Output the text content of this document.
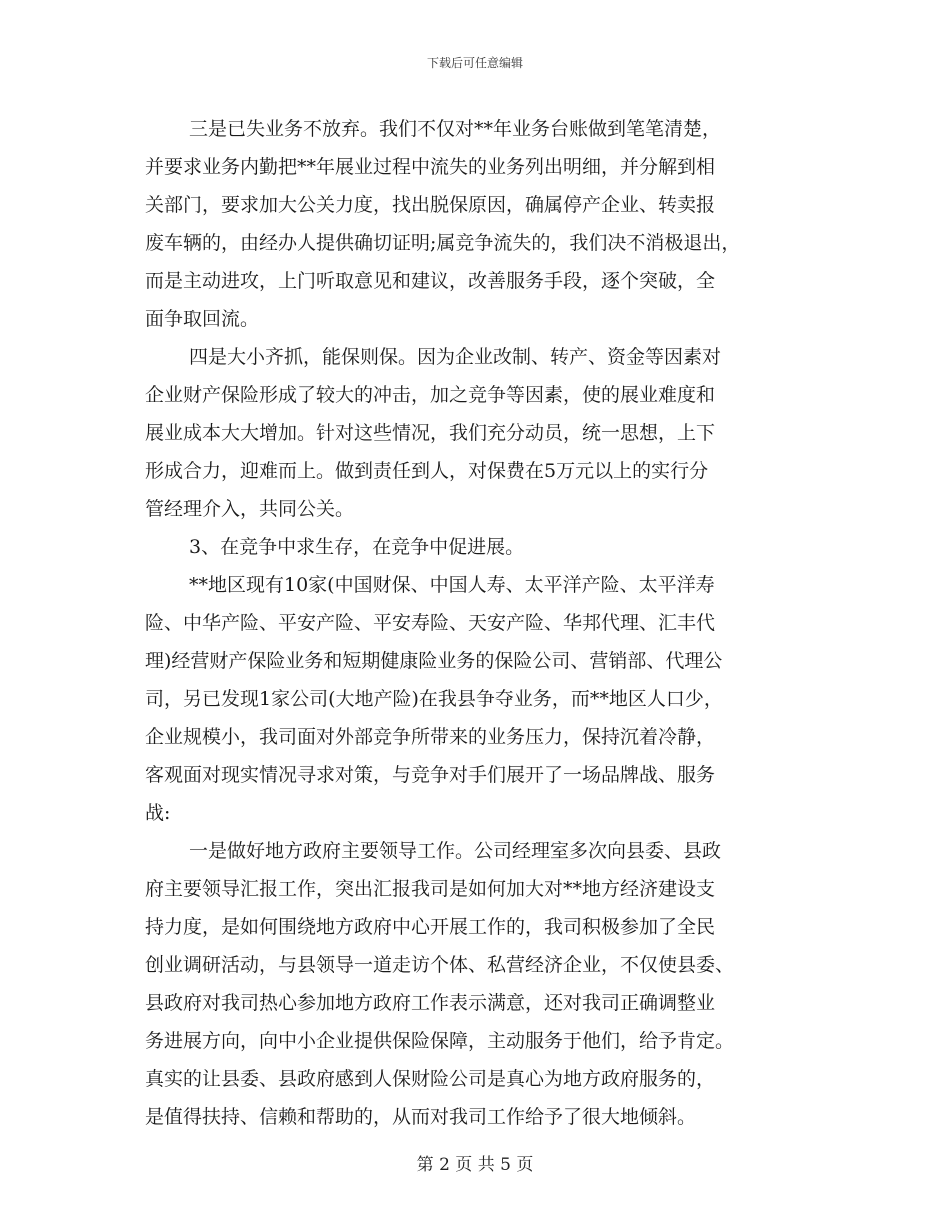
下载后可任意编辑
三是已失业务不放弃。我们不仅对**年业务台账做到笔笔清楚，
并要求业务内勤把**年展业过程中流失的业务列出明细，并分解到相
关部门，要求加大公关力度，找出脱保原因，确属停产企业、转卖报
废车辆的，由经办人提供确切证明;属竞争流失的，我们决不消极退出，
而是主动进攻，上门听取意见和建议，改善服务手段，逐个突破，全
面争取回流。
四是大小齐抓，能保则保。因为企业改制、转产、资金等因素对
企业财产保险形成了较大的冲击，加之竞争等因素，使的展业难度和
展业成本大大增加。针对这些情况，我们充分动员，统一思想，上下
形成合力，迎难而上。做到责任到人，对保费在5万元以上的实行分
管经理介入，共同公关。
3、在竞争中求生存，在竞争中促进展。
**地区现有10家(中国财保、中国人寿、太平洋产险、太平洋寿
险、中华产险、平安产险、平安寿险、天安产险、华邦代理、汇丰代
理)经营财产保险业务和短期健康险业务的保险公司、营销部、代理公
司，另已发现1家公司(大地产险)在我县争夺业务，而**地区人口少，
企业规模小，我司面对外部竞争所带来的业务压力，保持沉着冷静，
客观面对现实情况寻求对策，与竞争对手们展开了一场品牌战、服务
战:
一是做好地方政府主要领导工作。公司经理室多次向县委、县政
府主要领导汇报工作，突出汇报我司是如何加大对**地方经济建设支
持力度，是如何围绕地方政府中心开展工作的，我司积极参加了全民
创业调研活动，与县领导一道走访个体、私营经济企业，不仅使县委、
县政府对我司热心参加地方政府工作表示满意，还对我司正确调整业
务进展方向，向中小企业提供保险保障，主动服务于他们，给予肯定。
真实的让县委、县政府感到人保财险公司是真心为地方政府服务的，
是值得扶持、信赖和帮助的，从而对我司工作给予了很大地倾斜。
第 2 页 共 5 页
